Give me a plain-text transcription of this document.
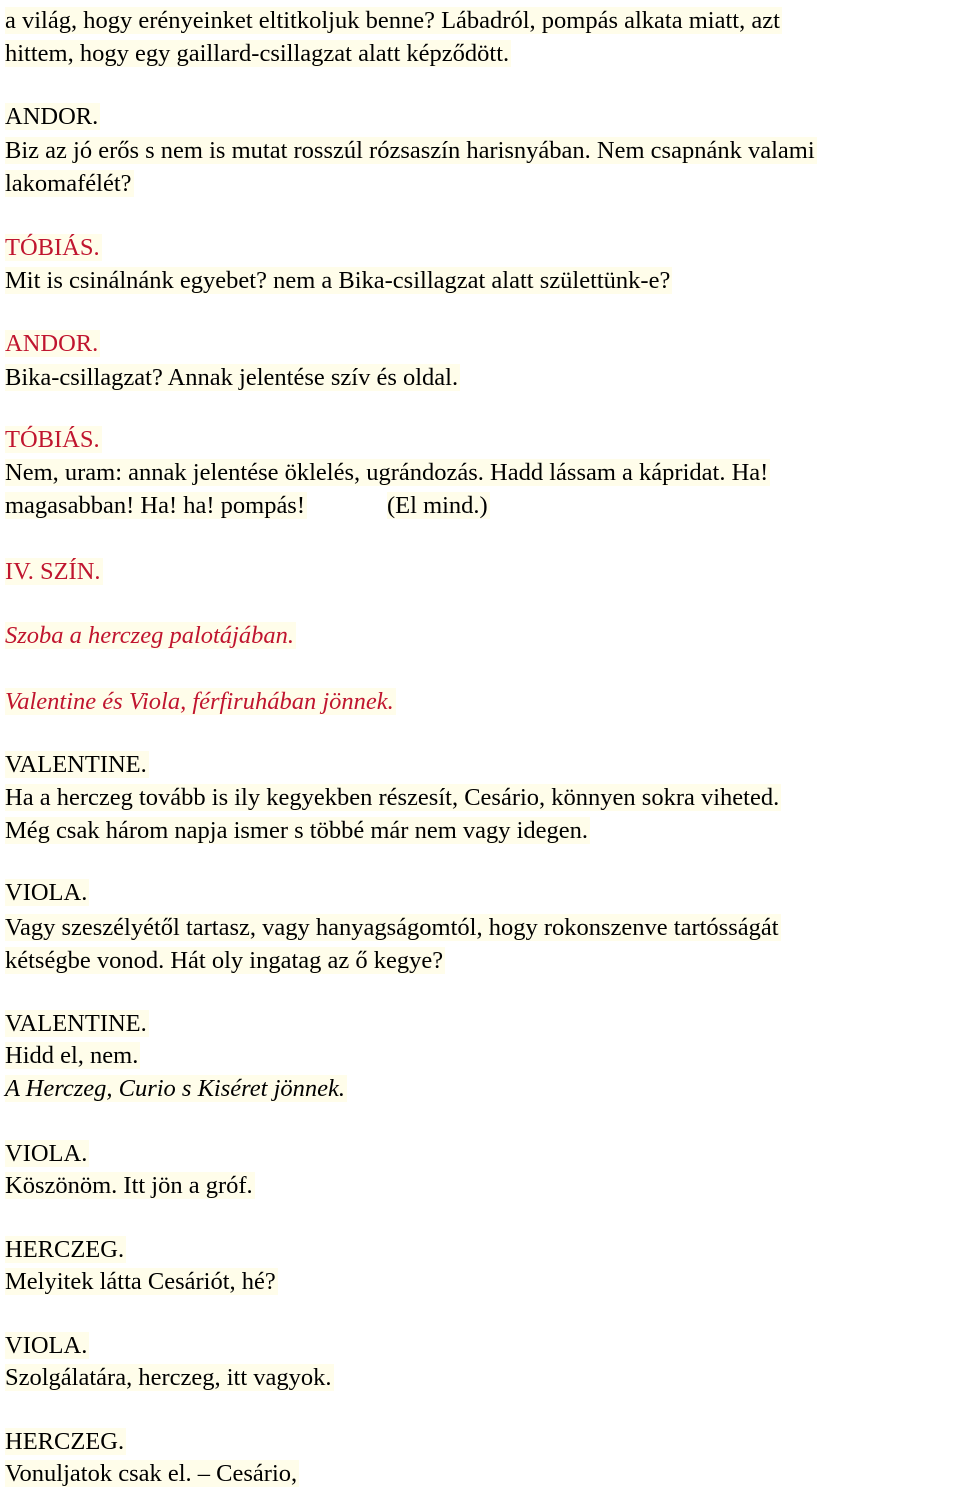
a világ, hogy erényeinket eltitkoljuk benne? Lábadról, pompás alkata miatt, azt
hittem, hogy egy gaillard-csillagzat alatt képződött.
ANDOR.
Biz az jó erős s nem is mutat rosszúl rózsaszín harisnyában. Nem csapnánk valami
lakomafélét?
TÓBIÁS.
Mit is csinálnánk egyebet? nem a Bika-csillagzat alatt születtünk-e?
ANDOR.
Bika-csillagzat? Annak jelentése szív és oldal.
TÓBIÁS.
Nem, uram: annak jelentése öklelés, ugrándozás. Hadd lássam a kápridat. Ha!
magasabban! Ha! ha! pompás!	(El mind.)
IV. SZÍN.
Szoba a herczeg palotájában.
Valentine és Viola, férfiruhában jönnek.
VALENTINE.
Ha a herczeg tovább is ily kegyekben részesít, Cesário, könnyen sokra viheted.
Még csak három napja ismer s többé már nem vagy idegen.
VIOLA.
Vagy szeszélyétől tartasz, vagy hanyagságomtól, hogy rokonszenve tartósságát
kétségbe vonod. Hát oly ingatag az ő kegye?
VALENTINE.
Hidd el, nem.
A Herczeg, Curio s Kiséret jönnek.
VIOLA.
Köszönöm. Itt jön a gróf.
HERCZEG.
Melyitek látta Cesáriót, hé?
VIOLA.
Szolgálatára, herczeg, itt vagyok.
HERCZEG.
Vonuljatok csak el. – Cesário,
